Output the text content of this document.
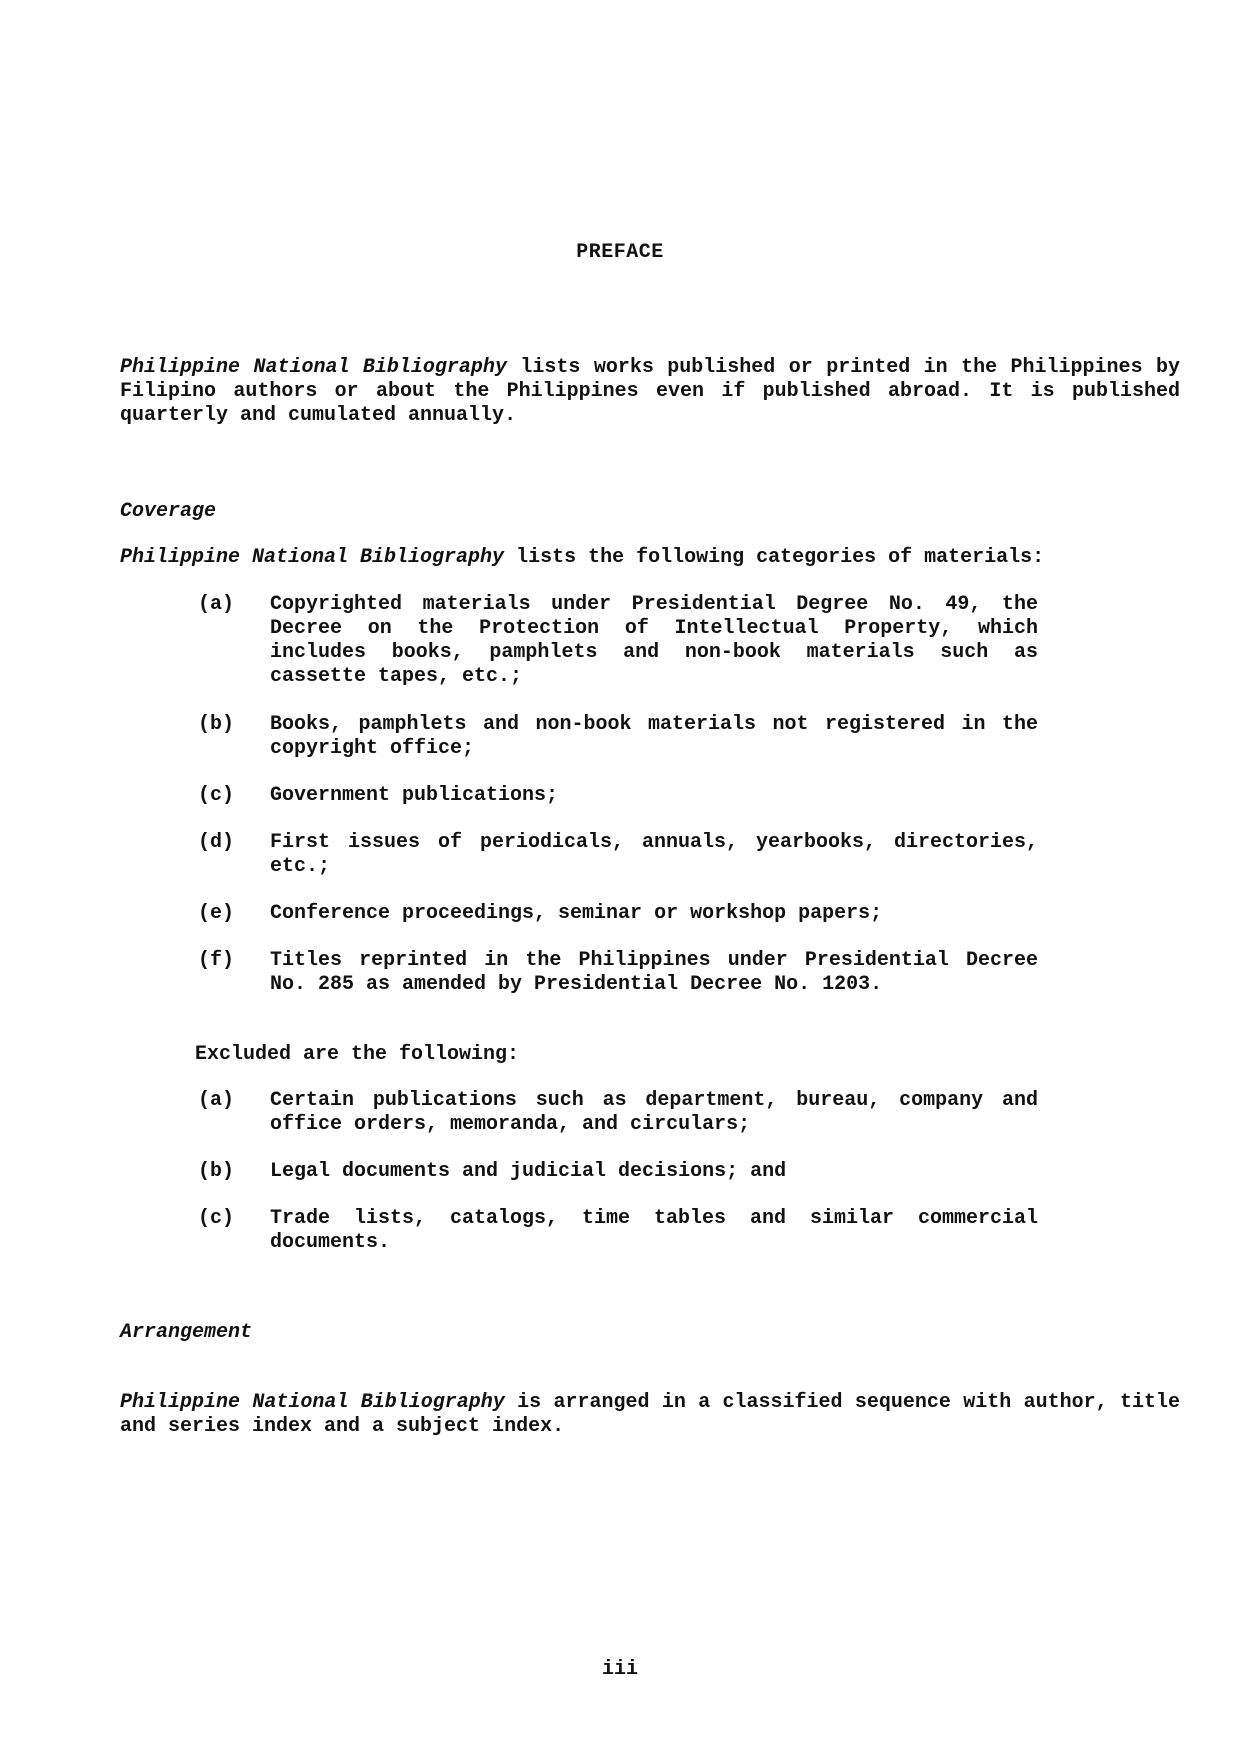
PREFACE
Philippine National Bibliography lists works published or printed in the Philippines by Filipino authors or about the Philippines even if published abroad. It is published quarterly and cumulated annually.
Coverage
Philippine National Bibliography lists the following categories of materials:
(a) Copyrighted materials under Presidential Degree No. 49, the Decree on the Protection of Intellectual Property, which includes books, pamphlets and non-book materials such as cassette tapes, etc.;
(b) Books, pamphlets and non-book materials not registered in the copyright office;
(c) Government publications;
(d) First issues of periodicals, annuals, yearbooks, directories, etc.;
(e) Conference proceedings, seminar or workshop papers;
(f) Titles reprinted in the Philippines under Presidential Decree No. 285 as amended by Presidential Decree No. 1203.
Excluded are the following:
(a) Certain publications such as department, bureau, company and office orders, memoranda, and circulars;
(b) Legal documents and judicial decisions; and
(c) Trade lists, catalogs, time tables and similar commercial documents.
Arrangement
Philippine National Bibliography is arranged in a classified sequence with author, title and series index and a subject index.
iii
